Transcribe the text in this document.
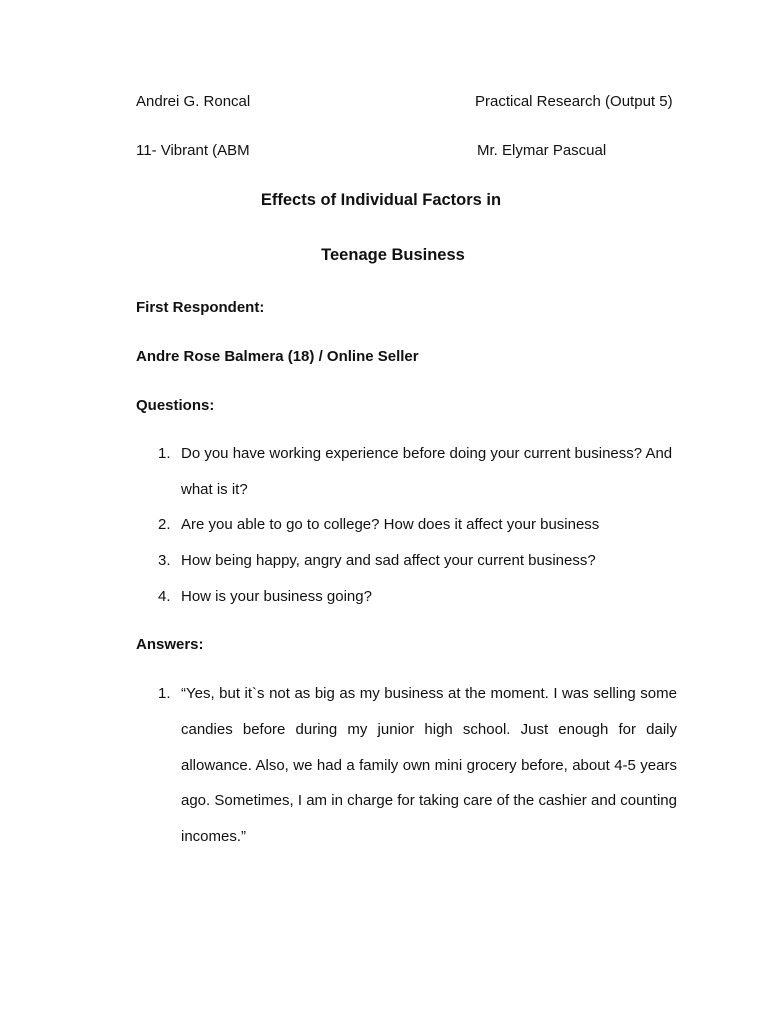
Andrei G. Roncal	Practical Research (Output 5)
11- Vibrant (ABM	Mr. Elymar Pascual
Effects of Individual Factors in
Teenage Business
First Respondent:
Andre Rose Balmera (18) / Online Seller
Questions:
1. Do you have working experience before doing your current business? And what is it?
2. Are you able to go to college? How does it affect your business
3. How being happy, angry and sad affect your current business?
4. How is your business going?
Answers:
1. “Yes, but it`s not as big as my business at the moment. I was selling some candies before during my junior high school. Just enough for daily allowance. Also, we had a family own mini grocery before, about 4-5 years ago. Sometimes, I am in charge for taking care of the cashier and counting incomes.”
